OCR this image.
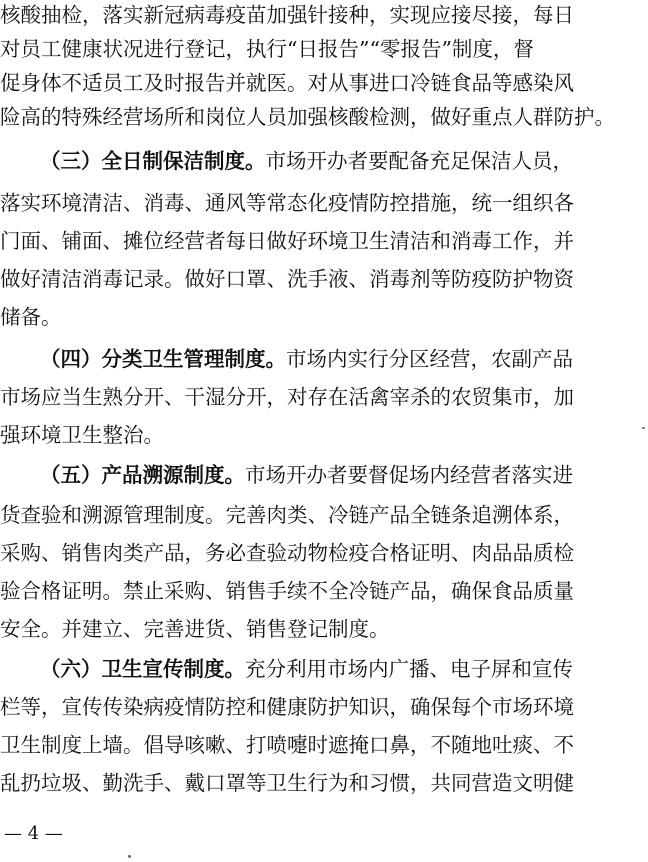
核酸抽检，落实新冠病毒疫苗加强针接种，实现应接尽接，每日
对员工健康状况进行登记，执行“日报告”“零报告”制度，督
促身体不适员工及时报告并就医。对从事进口冷链食品等感染风
险高的特殊经营场所和岗位人员加强核酸检测，做好重点人群防护。
（三）全日制保洁制度。市场开办者要配备充足保洁人员，
落实环境清洁、消毒、通风等常态化疫情防控措施，统一组织各
门面、铺面、摊位经营者每日做好环境卫生清洁和消毒工作，并
做好清洁消毒记录。做好口罩、洗手液、消毒剂等防疫防护物资
储备。
（四）分类卫生管理制度。市场内实行分区经营，农副产品
市场应当生熟分开、干湿分开，对存在活禽宰杀的农贸集市，加
强环境卫生整治。
（五）产品溯源制度。市场开办者要督促场内经营者落实进
货查验和溯源管理制度。完善肉类、冷链产品全链条追溯体系，
采购、销售肉类产品，务必查验动物检疫合格证明、肉品品质检
验合格证明。禁止采购、销售手续不全冷链产品，确保食品质量
安全。并建立、完善进货、销售登记制度。
（六）卫生宣传制度。充分利用市场内广播、电子屏和宣传
栏等，宣传传染病疫情防控和健康防护知识，确保每个市场环境
卫生制度上墙。倡导咳嗽、打喷嚏时遮掩口鼻，不随地吐痰、不
乱扔垃圾、勤洗手、戴口罩等卫生行为和习惯，共同营造文明健
— 4 —
